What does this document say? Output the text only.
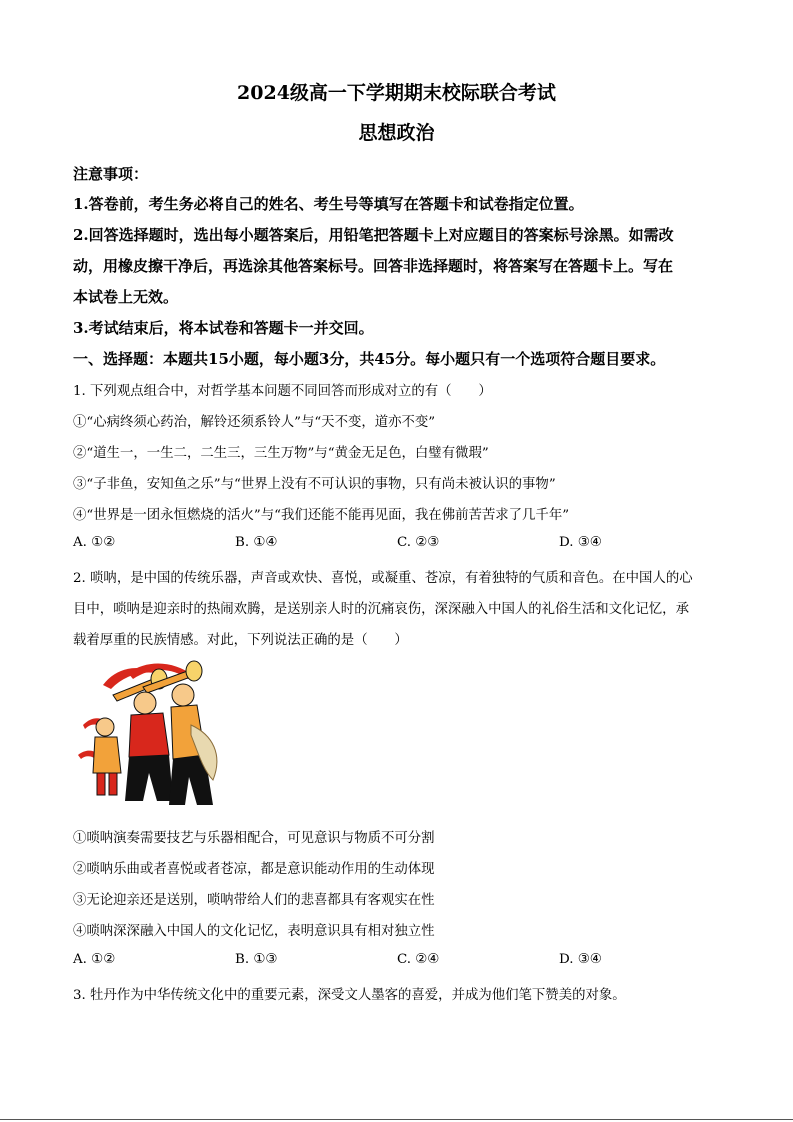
2024级高一下学期期末校际联合考试
思想政治
注意事项：
1.答卷前，考生务必将自己的姓名、考生号等填写在答题卡和试卷指定位置。
2.回答选择题时，选出每小题答案后，用铅笔把答题卡上对应题目的答案标号涂黑。如需改
动，用橡皮擦干净后，再选涂其他答案标号。回答非选择题时，将答案写在答题卡上。写在
本试卷上无效。
3.考试结束后，将本试卷和答题卡一并交回。
一、选择题：本题共15小题，每小题3分，共45分。每小题只有一个选项符合题目要求。
1. 下列观点组合中，对哲学基本问题不同回答而形成对立的有（　　）
①“心病终须心药治，解铃还须系铃人”与“天不变，道亦不变”
②“道生一，一生二，二生三，三生万物”与“黄金无足色，白璧有微瑕”
③“子非鱼，安知鱼之乐”与“世界上没有不可认识的事物，只有尚未被认识的事物”
④“世界是一团永恒燃烧的活火”与“我们还能不能再见面，我在佛前苦苦求了几千年”
A. ①②	B. ①④	C. ②③	D. ③④
2. 唢呐，是中国的传统乐器，声音或欢快、喜悦，或凝重、苍凉，有着独特的气质和音色。在中国人的心
目中，唢呐是迎亲时的热闹欢腾，是送别亲人时的沉痛哀伤，深深融入中国人的礼俗生活和文化记忆，承
载着厚重的民族情感。对此，下列说法正确的是（　　）
①唢呐演奏需要技艺与乐器相配合，可见意识与物质不可分割
②唢呐乐曲或者喜悦或者苍凉，都是意识能动作用的生动体现
③无论迎亲还是送别，唢呐带给人们的悲喜都具有客观实在性
④唢呐深深融入中国人的文化记忆，表明意识具有相对独立性
A. ①②	B. ①③	C. ②④	D. ③④
3. 牡丹作为中华传统文化中的重要元素，深受文人墨客的喜爱，并成为他们笔下赞美的对象。
